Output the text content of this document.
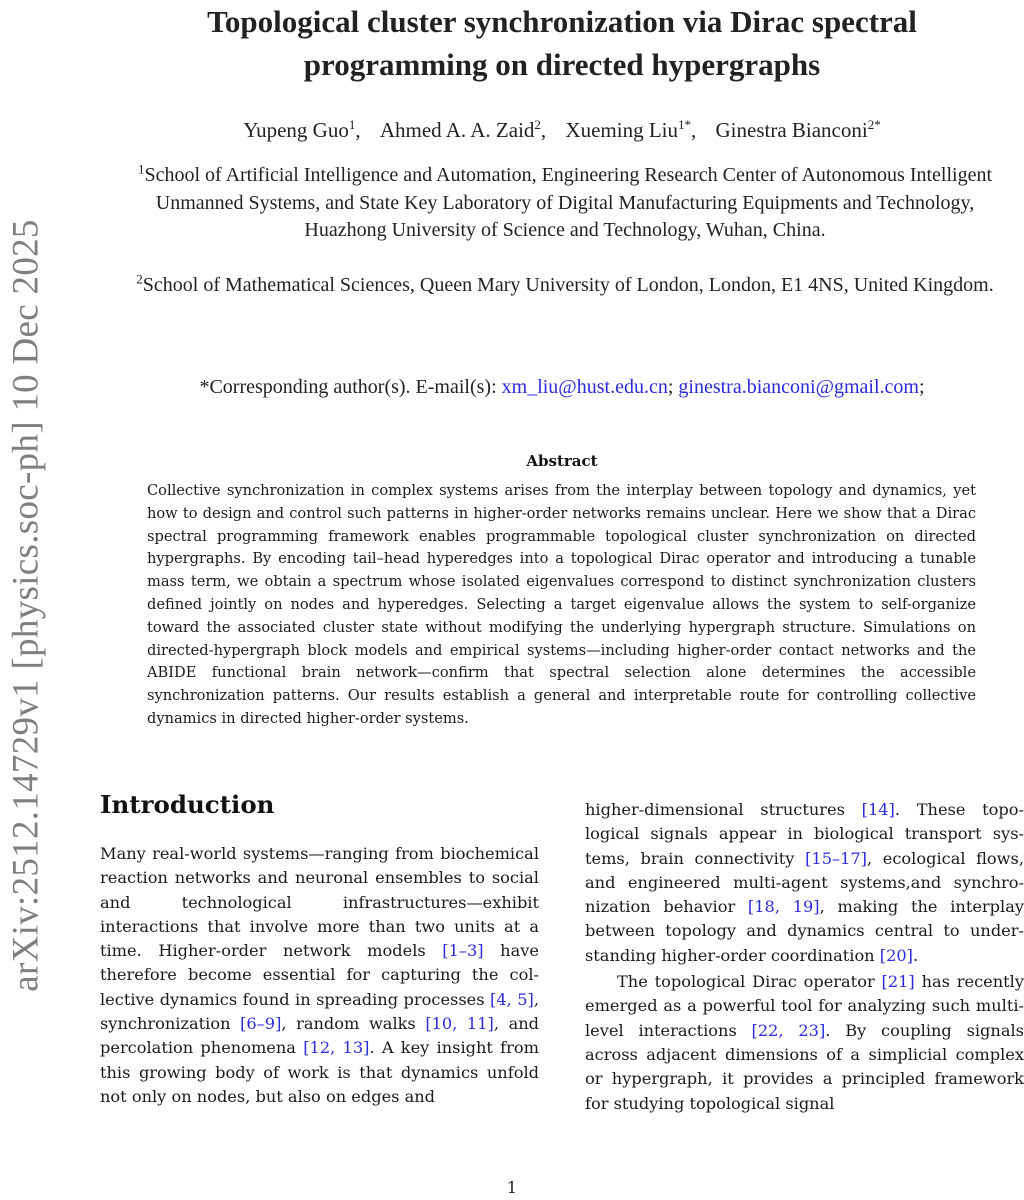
arXiv:2512.14729v1 [physics.soc-ph] 10 Dec 2025
Topological cluster synchronization via Dirac spectral
programming on directed hypergraphs
Yupeng Guo$^1$, Ahmed A. A. Zaid$^2$, Xueming Liu$^{1*}$, Ginestra Bianconi$^{2*}$

$^1$School of Artificial Intelligence and Automation, Engineering Research Center of Autonomous Intelligent Unmanned Systems, and State Key Laboratory of Digital Manufacturing Equipments and Technology, Huazhong University of Science and Technology, Wuhan, China.

$^2$School of Mathematical Sciences, Queen Mary University of London, London, E1 4NS, United Kingdom.

*Corresponding author(s). E-mail(s): xm_liu@hust.edu.cn; ginestra.bianconi@gmail.com;

Abstract

Collective synchronization in complex systems arises from the interplay between topology and dynamics, yet how to design and control such patterns in higher-order networks remains unclear. Here we show that a Dirac spectral programming framework enables programmable topological cluster synchronization on directed hypergraphs. By encoding tail–head hyperedges into a topological Dirac operator and introducing a tunable mass term, we obtain a spectrum whose isolated eigenvalues correspond to distinct synchronization clusters defined jointly on nodes and hyperedges. Selecting a target eigenvalue allows the system to self-organize toward the associated cluster state without modifying the underlying hypergraph structure. Simulations on directed-hypergraph block models and empirical systems—including higher-order contact networks and the ABIDE functional brain network—confirm that spectral selection alone determines the accessible synchronization patterns. Our results establish a general and interpretable route for controlling collective dynamics in directed higher-order systems.

Introduction

Many real-world systems—ranging from biochemical reaction networks and neuronal ensembles to social and technological infrastructures—exhibit interactions that involve more than two units at a time. Higher-order network models [1–3] have therefore become essential for capturing the collective dynamics found in spreading processes [4, 5], synchronization [6–9], random walks [10, 11], and percolation phenomena [12, 13]. A key insight from this growing body of work is that dynamics unfold not only on nodes, but also on edges and

higher-dimensional structures [14]. These topological signals appear in biological transport systems, brain connectivity [15–17], ecological flows, and engineered multi-agent systems,and synchronization behavior [18, 19], making the interplay between topology and dynamics central to understanding higher-order coordination [20].

The topological Dirac operator [21] has recently emerged as a powerful tool for analyzing such multi-level interactions [22, 23]. By coupling signals across adjacent dimensions of a simplicial complex or hypergraph, it provides a principled framework for studying topological signal

1
